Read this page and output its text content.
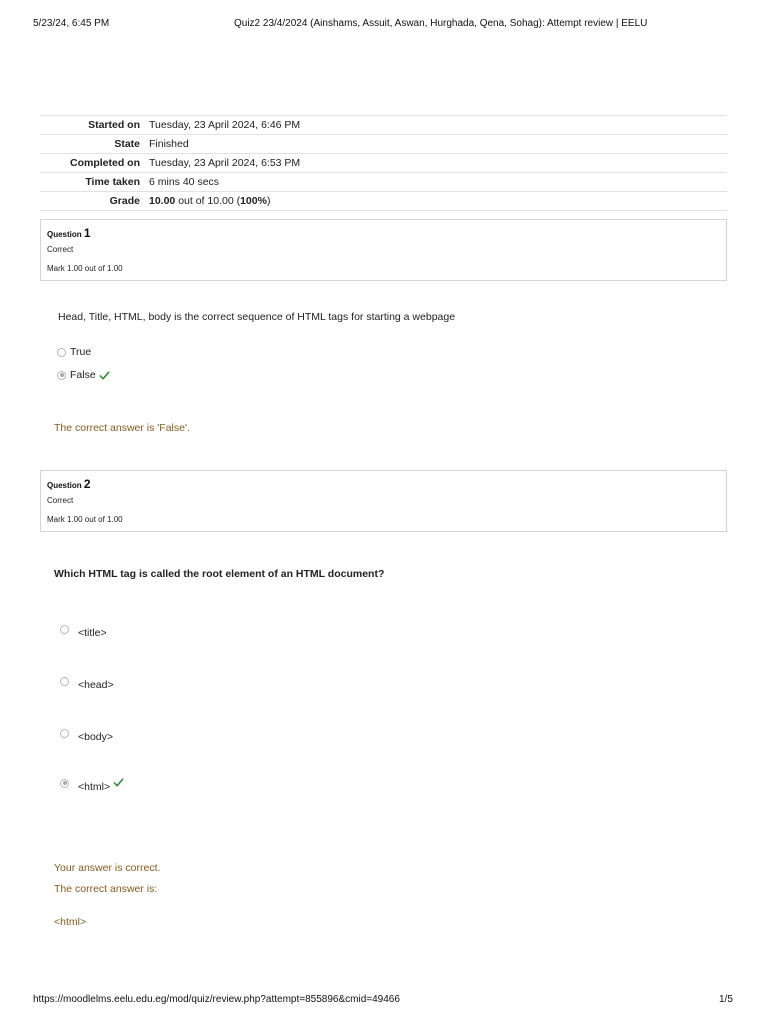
5/23/24, 6:45 PM	Quiz2 23/4/2024 (Ainshams, Assuit, Aswan, Hurghada, Qena, Sohag): Attempt review | EELU
Started on Tuesday, 23 April 2024, 6:46 PM
State Finished
Completed on Tuesday, 23 April 2024, 6:53 PM
Time taken 6 mins 40 secs
Grade 10.00 out of 10.00 (100%)
Question 1
Correct
Mark 1.00 out of 1.00
Head, Title, HTML, body is the correct sequence of HTML tags for starting a webpage
True
False
The correct answer is 'False'.
Question 2
Correct
Mark 1.00 out of 1.00
Which HTML tag is called the root element of an HTML document?
<title>
<head>
<body>
<html>
Your answer is correct.
The correct answer is:
<html>
https://moodlelms.eelu.edu.eg/mod/quiz/review.php?attempt=855896&cmid=49466	1/5
